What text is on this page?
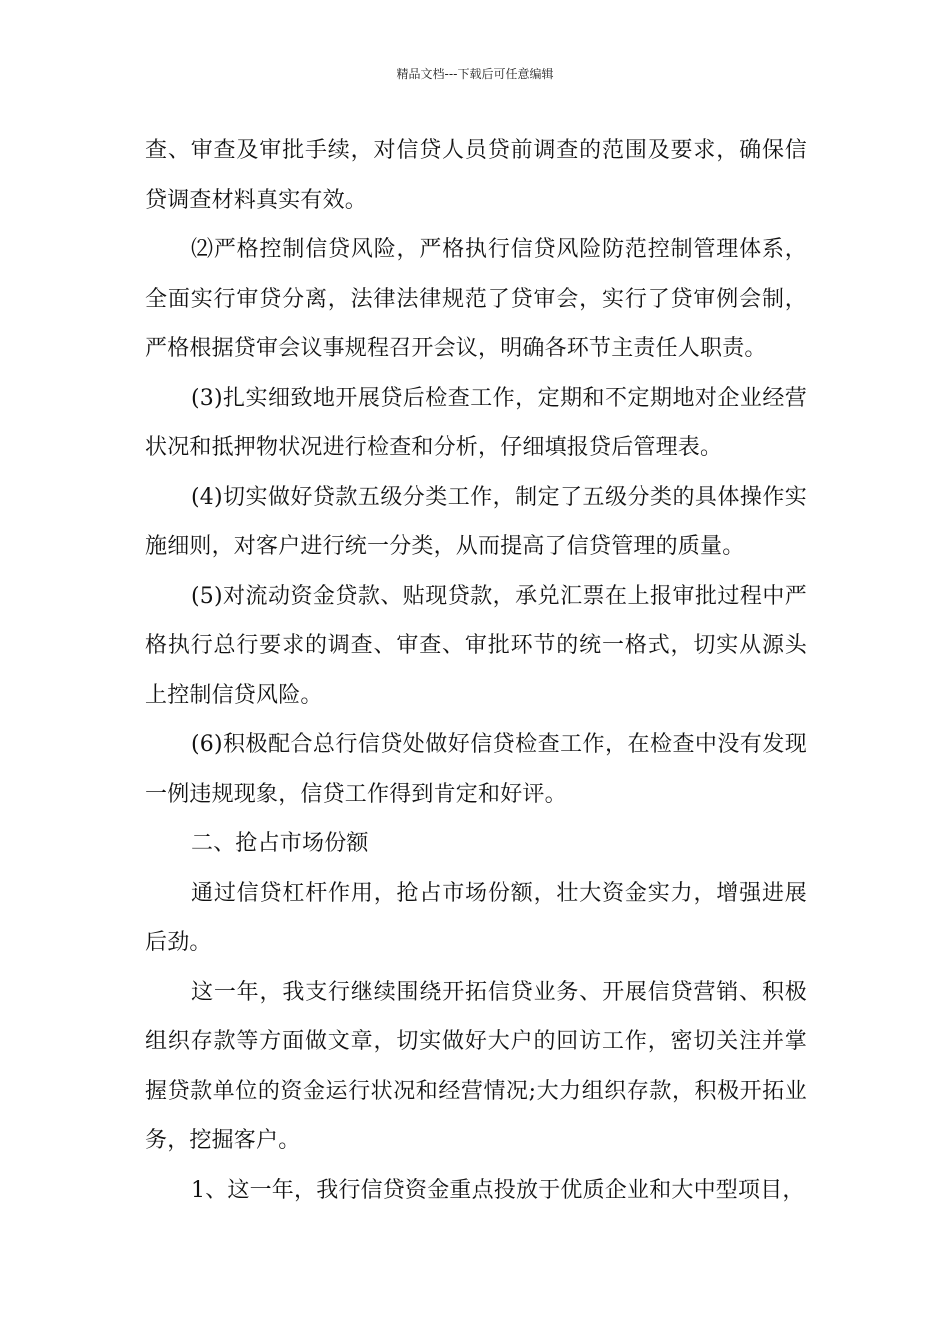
精品文档---下载后可任意编辑

查、审查及审批手续，对信贷人员贷前调查的范围及要求，确保信贷调查材料真实有效。

⑵严格控制信贷风险，严格执行信贷风险防范控制管理体系，全面实行审贷分离，法律法律规范了贷审会，实行了贷审例会制，严格根据贷审会议事规程召开会议，明确各环节主责任人职责。

(3)扎实细致地开展贷后检查工作，定期和不定期地对企业经营状况和抵押物状况进行检查和分析，仔细填报贷后管理表。

(4)切实做好贷款五级分类工作，制定了五级分类的具体操作实施细则，对客户进行统一分类，从而提高了信贷管理的质量。

(5)对流动资金贷款、贴现贷款，承兑汇票在上报审批过程中严格执行总行要求的调查、审查、审批环节的统一格式，切实从源头上控制信贷风险。

(6)积极配合总行信贷处做好信贷检查工作，在检查中没有发现一例违规现象，信贷工作得到肯定和好评。

二、抢占市场份额

通过信贷杠杆作用，抢占市场份额，壮大资金实力，增强进展后劲。

这一年，我支行继续围绕开拓信贷业务、开展信贷营销、积极组织存款等方面做文章，切实做好大户的回访工作，密切关注并掌握贷款单位的资金运行状况和经营情况;大力组织存款，积极开拓业务，挖掘客户。

1、这一年，我行信贷资金重点投放于优质企业和大中型项目，
